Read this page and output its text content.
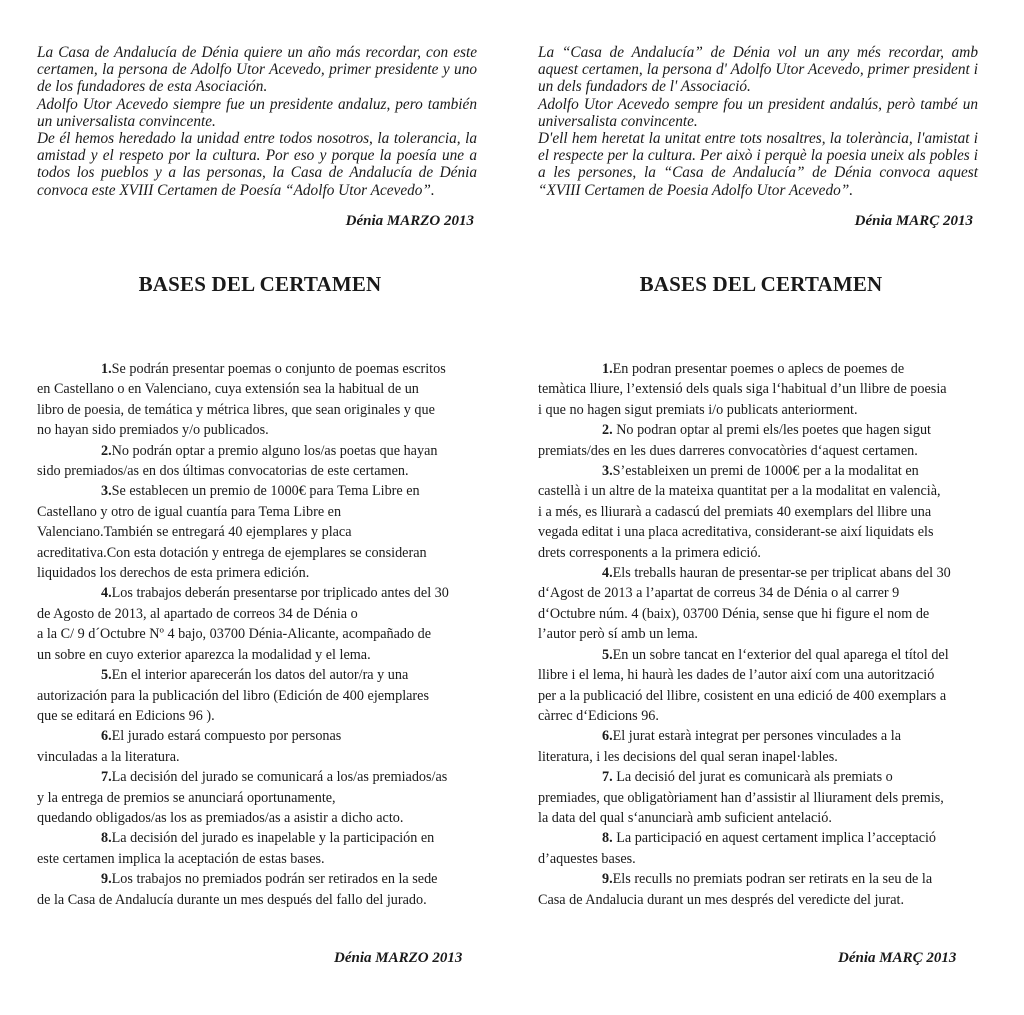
La Casa de Andalucía de Dénia quiere un año más recordar, con este certamen, la persona de Adolfo Utor Acevedo, primer presidente y uno de los fundadores de esta Asociación.

Adolfo Utor Acevedo siempre fue un presidente andaluz, pero también un universalista convincente.

De él hemos heredado la unidad entre todos nosotros, la tolerancia, la amistad y el respeto por la cultura. Por eso y porque la poesía une a todos los pueblos y a las personas, la Casa de Andalucía de Dénia convoca este XVIII Certamen de Poesía “Adolfo Utor Acevedo”.

Dénia MARZO 2013
BASES DEL CERTAMEN
1.Se podrán presentar poemas o conjunto de poemas escritos
en Castellano o en Valenciano, cuya extensión sea la habitual de un
libro de poesia, de temática y métrica libres, que sean originales y que
no hayan sido premiados y/o publicados.
2.No podrán optar a premio alguno los/as poetas que hayan
sido premiados/as en dos últimas convocatorias de este certamen.
3.Se establecen un premio de 1000€ para Tema Libre en
Castellano y otro de igual cuantía para Tema Libre en
Valenciano.También se entregará 40 ejemplares y placa
acreditativa.Con esta dotación y entrega de ejemplares se consideran
liquidados los derechos de esta primera edición.
4.Los trabajos deberán presentarse por triplicado antes del 30
de Agosto de 2013, al apartado de correos 34 de Dénia o
a la C/ 9 d´Octubre Nº 4 bajo, 03700 Dénia-Alicante, acompañado de
un sobre en cuyo exterior aparezca la modalidad y el lema.
5.En el interior aparecerán los datos del autor/ra y una
autorización para la publicación del libro (Edición de 400 ejemplares
que se editará en Edicions 96 ).
6.El jurado estará compuesto por personas
vinculadas a la literatura.
7.La decisión del jurado se comunicará a los/as premiados/as
y la entrega de premios se anunciará oportunamente,
quedando obligados/as los as premiados/as a asistir a dicho acto.
8.La decisión del jurado es inapelable y la participación en
este certamen implica la aceptación de estas bases.
9.Los trabajos no premiados podrán ser retirados en la sede
de la Casa de Andalucía durante un mes después del fallo del jurado.
Dénia MARZO 2013

La “Casa de Andalucía” de Dénia vol un any més recordar, amb aquest certamen, la persona d' Adolfo Utor Acevedo, primer president i un dels fundadors de l' Associació.

Adolfo Utor Acevedo sempre fou un president andalús, però també un universalista convincente.

D'ell hem heretat la unitat entre tots nosaltres, la tolerància, l'amistat i el respecte per la cultura. Per això i perquè la poesia uneix als pobles i a les persones, la “Casa de Andalucía” de Dénia convoca aquest “XVIII Certamen de Poesia Adolfo Utor Acevedo”.

Dénia MARÇ 2013
BASES DEL CERTAMEN
1.En podran presentar poemes o aplecs de poemes de
temàtica lliure, l’extensió dels quals siga l‘habitual d’un llibre de poesia
i que no hagen sigut premiats i/o publicats anteriorment.
2. No podran optar al premi els/les poetes que hagen sigut
premiats/des en les dues darreres convocatòries d‘aquest certamen.
3.S’estableixen un premi de 1000€ per a la modalitat en
castellà i un altre de la mateixa quantitat per a la modalitat en valencià,
i a més, es lliurarà a cadascú del premiats 40 exemplars del llibre una
vegada editat i una placa acreditativa, considerant-se així liquidats els
drets corresponents a la primera edició.
4.Els treballs hauran de presentar-se per triplicat abans del 30
d‘Agost de 2013 a l’apartat de correus 34 de Dénia o al carrer 9
d‘Octubre núm. 4 (baix), 03700 Dénia, sense que hi figure el nom de
l’autor però sí amb un lema.
5.En un sobre tancat en l‘exterior del qual aparega el títol del
llibre i el lema, hi haurà les dades de l’autor així com una autorització
per a la publicació del llibre, cosistent en una edició de 400 exemplars a
càrrec d‘Edicions 96.
6.El jurat estarà integrat per persones vinculades a la
literatura, i les decisions del qual seran inapel·lables.
7. La decisió del jurat es comunicarà als premiats o
premiades, que obligatòriament han d’assistir al lliurament dels premis,
la data del qual s‘anunciarà amb suficient antelació.
8. La participació en aquest certament implica l’acceptació
d’aquestes bases.
9.Els reculls no premiats podran ser retirats en la seu de la
Casa de Andalucia durant un mes després del veredicte del jurat.
Dénia MARÇ 2013
